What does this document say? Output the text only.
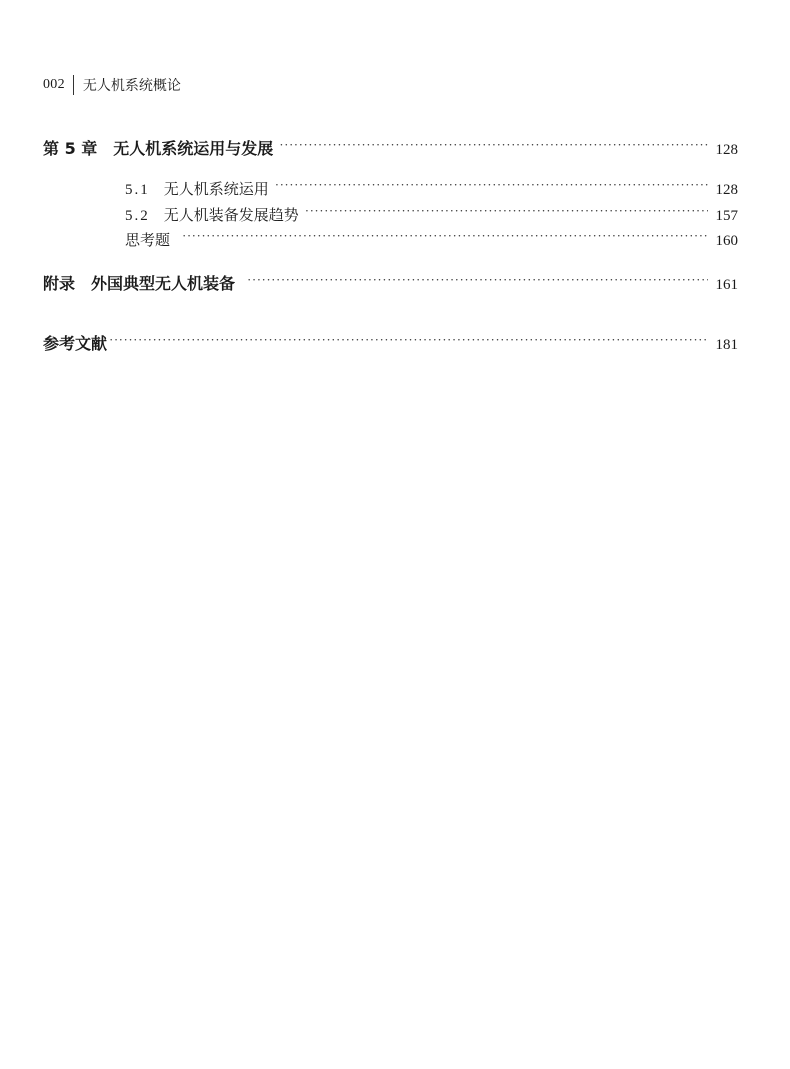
002 无人机系统概论
第 5 章 无人机系统运用与发展 ·····	128
5.1 无人机系统运用 ·····	128
5.2 无人机装备发展趋势 ·····	157
思考题 ·····	160
附录 外国典型无人机装备 ·····	161
参考文献 ·····	181
